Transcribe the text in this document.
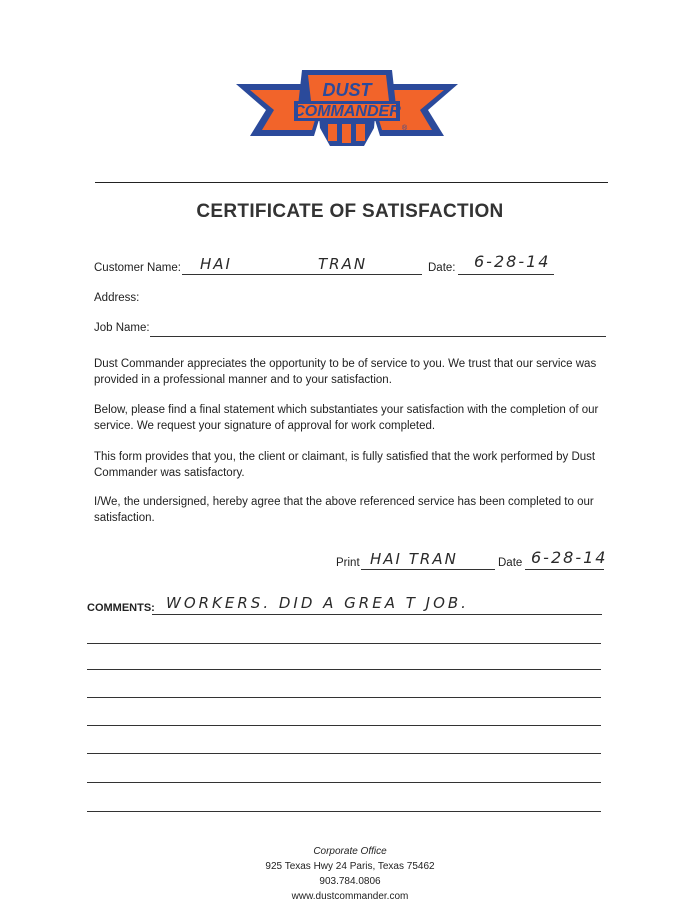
DUST
COMMANDER
®
CERTIFICATE OF SATISFACTION
Customer Name: HAI	TRAN	Date: 6-28-14
Address:
Job Name:
Dust Commander appreciates the opportunity to be of service to you. We trust that our service was provided in a professional manner and to your satisfaction.
Below, please find a final statement which substantiates your satisfaction with the completion of our service. We request your signature of approval for work completed.
This form provides that you, the client or claimant, is fully satisfied that the work performed by Dust Commander was satisfactory.
I/We, the undersigned, hereby agree that the above referenced service has been completed to our satisfaction.
Print HAI TRAN	Date 6-28-14
COMMENTS: WORKERS. DID A GREA T JOB.
Corporate Office
925 Texas Hwy 24 Paris, Texas 75462
903.784.0806
www.dustcommander.com
